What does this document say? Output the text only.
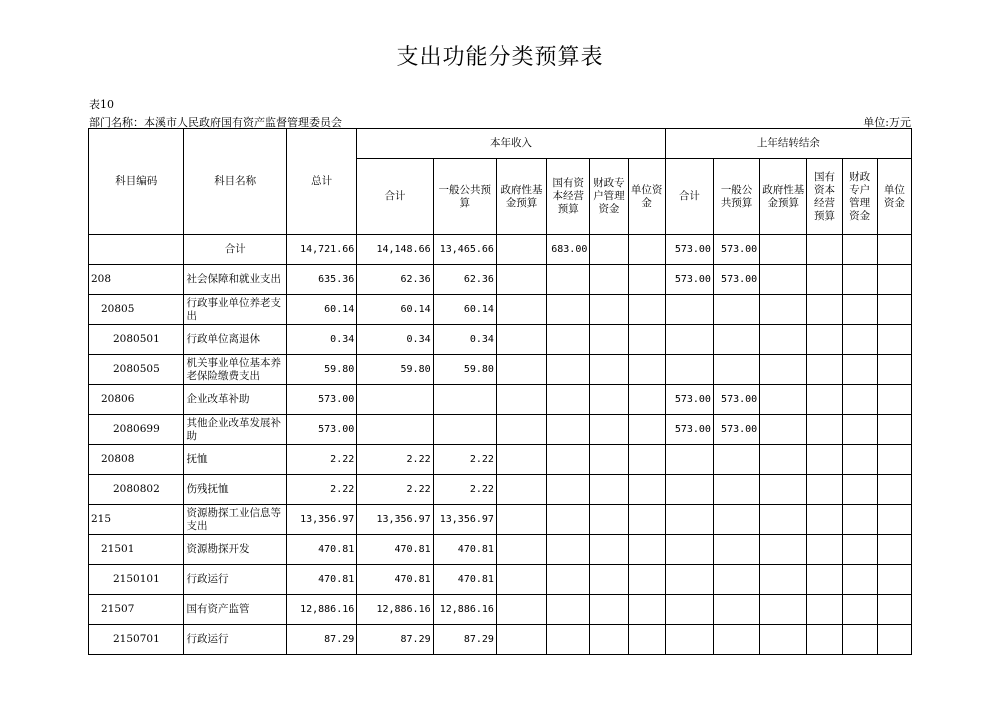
支出功能分类预算表
表10
部门名称：本溪市人民政府国有资产监督管理委员会	单位:万元
科目编码	科目名称	总计	本年收入						上年结转结余					
			合计	一般公共预算	政府性基金预算	国有资本经营预算	财政专户管理资金	单位资金	合计	一般公共预算	政府性基金预算	国有资本经营预算	财政专户管理资金	单位资金
	合计	14,721.66	14,148.66	13,465.66		683.00			573.00	573.00				
208	社会保障和就业支出	635.36	62.36	62.36					573.00	573.00				
20805	行政事业单位养老支出	60.14	60.14	60.14										
2080501	行政单位离退休	0.34	0.34	0.34										
2080505	机关事业单位基本养老保险缴费支出	59.80	59.80	59.80										
20806	企业改革补助	573.00							573.00	573.00				
2080699	其他企业改革发展补助	573.00							573.00	573.00				
20808	抚恤	2.22	2.22	2.22										
2080802	伤残抚恤	2.22	2.22	2.22										
215	资源勘探工业信息等支出	13,356.97	13,356.97	13,356.97										
21501	资源勘探开发	470.81	470.81	470.81										
2150101	行政运行	470.81	470.81	470.81										
21507	国有资产监管	12,886.16	12,886.16	12,886.16										
2150701	行政运行	87.29	87.29	87.29										
